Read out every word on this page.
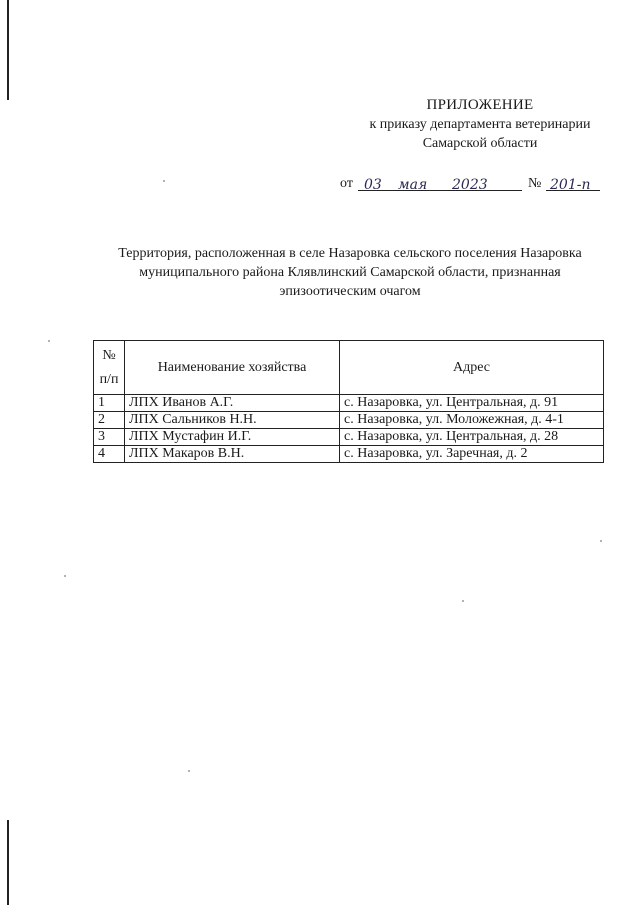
ПРИЛОЖЕНИЕ
к приказу департамента ветеринарии
Самарской области
от 03 мая 2023	№ 201-п
Территория, расположенная в селе Назаровка сельского поселения Назаровка
муниципального района Клявлинский Самарской области, признанная
эпизоотическим очагом
№
п/п	Наименование хозяйства	Адрес
1	ЛПХ Иванов А.Г.	с. Назаровка, ул. Центральная, д. 91
2	ЛПХ Сальников Н.Н.	с. Назаровка, ул. Моложежная, д. 4-1
3	ЛПХ Мустафин И.Г.	с. Назаровка, ул. Центральная, д. 28
4	ЛПХ Макаров В.Н.	с. Назаровка, ул. Заречная, д. 2
